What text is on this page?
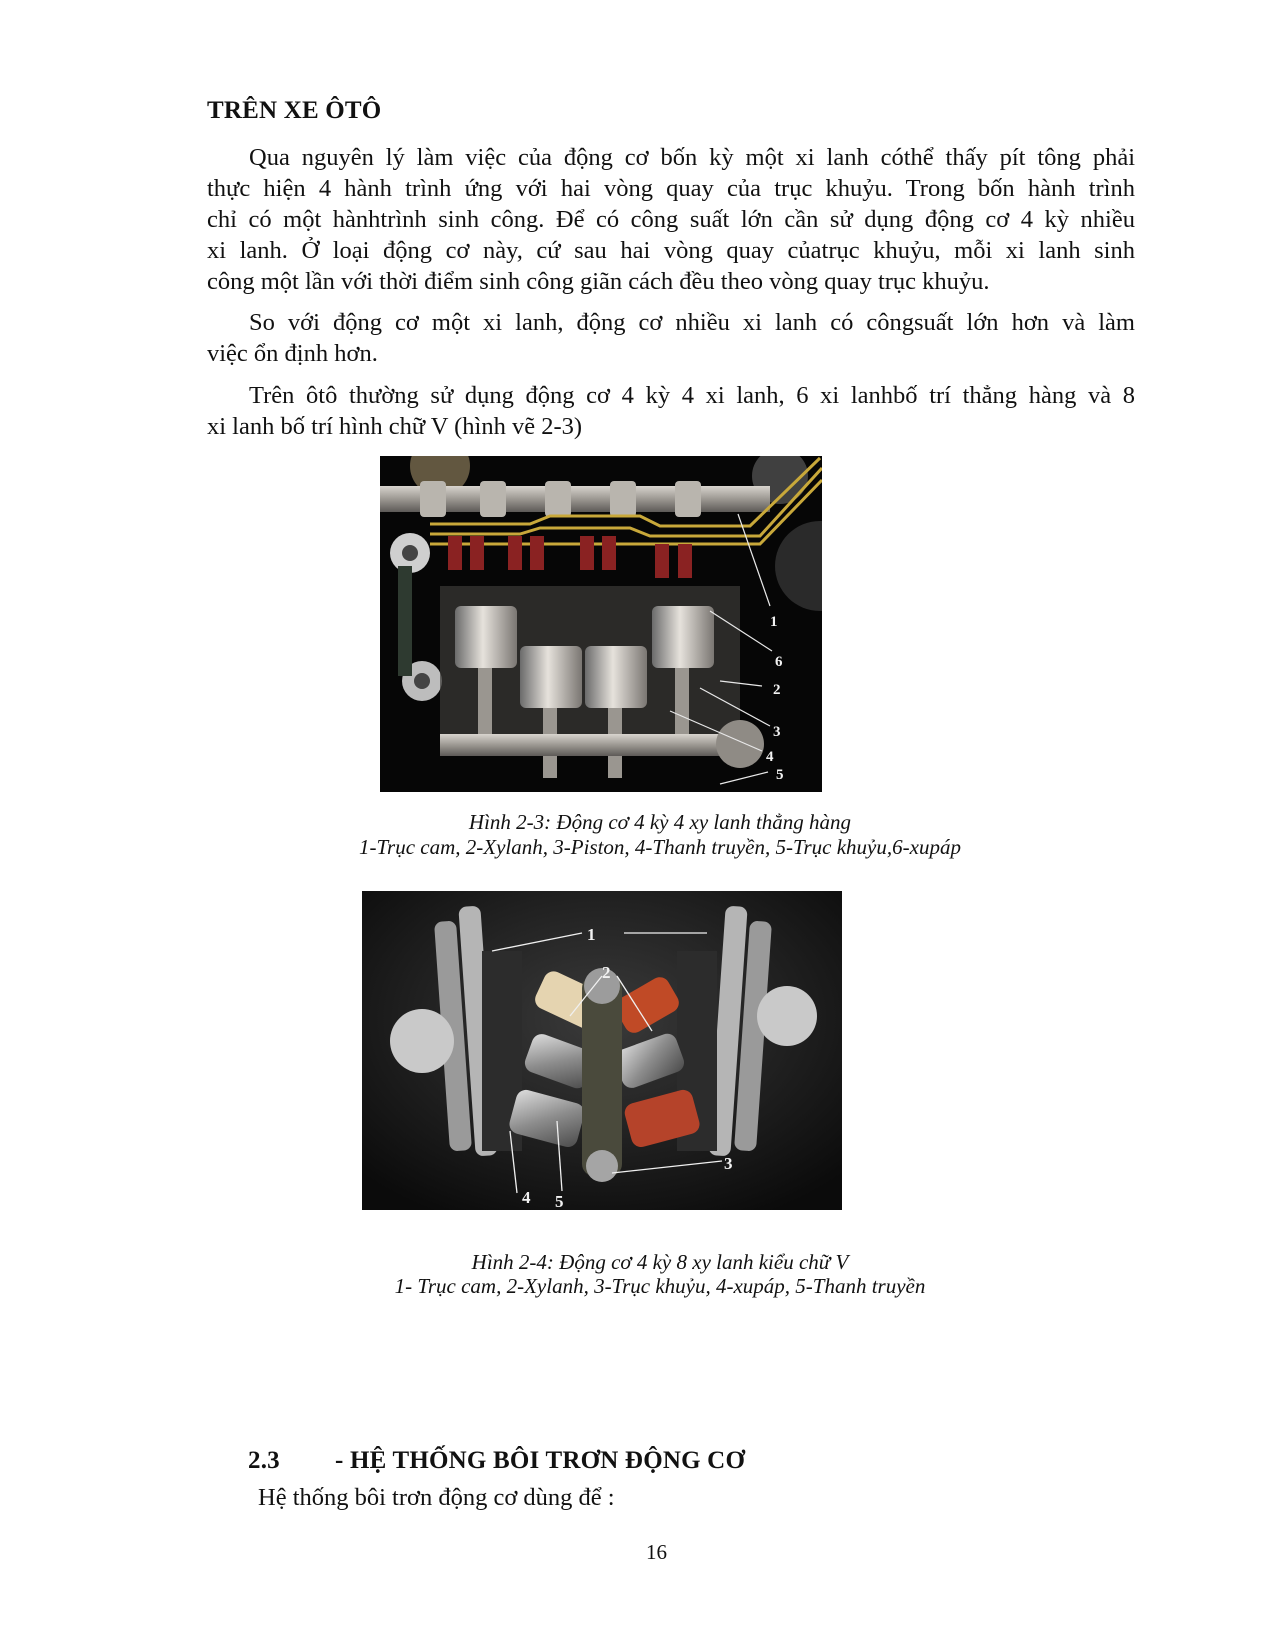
TRÊN XE ÔTÔ
Qua nguyên lý làm việc của động cơ bốn kỳ một xi lanh cóthể thấy pít tông phải
thực hiện 4 hành trình ứng với hai vòng quay của trục khuỷu. Trong bốn hành trình
chỉ có một hànhtrình sinh công. Để có công suất lớn cần sử dụng động cơ 4 kỳ nhiều
xi lanh. Ở loại động cơ này, cứ sau hai vòng quay củatrục khuỷu, mỗi xi lanh sinh
công một lần với thời điểm sinh công giãn cách đều theo vòng quay trục khuỷu.
So với động cơ một xi lanh, động cơ nhiều xi lanh có côngsuất lớn hơn và làm
việc ổn định hơn.
Trên ôtô thường sử dụng động cơ 4 kỳ 4 xi lanh, 6 xi lanhbố trí thẳng hàng và 8
xi lanh bố trí hình chữ V (hình vẽ 2-3)
1
6
2
3
4
5
Hình 2-3: Động cơ 4 kỳ 4 xy lanh thẳng hàng
1-Trục cam, 2-Xylanh, 3-Piston, 4-Thanh truyền, 5-Trục khuỷu,6-xupáp
1
2
3
4 5
Hình 2-4: Động cơ 4 kỳ 8 xy lanh kiểu chữ V
1- Trục cam, 2-Xylanh, 3-Trục khuỷu, 4-xupáp, 5-Thanh truyền
2.3 - HỆ THỐNG BÔI TRƠN ĐỘNG CƠ
Hệ thống bôi trơn động cơ dùng để :
16
